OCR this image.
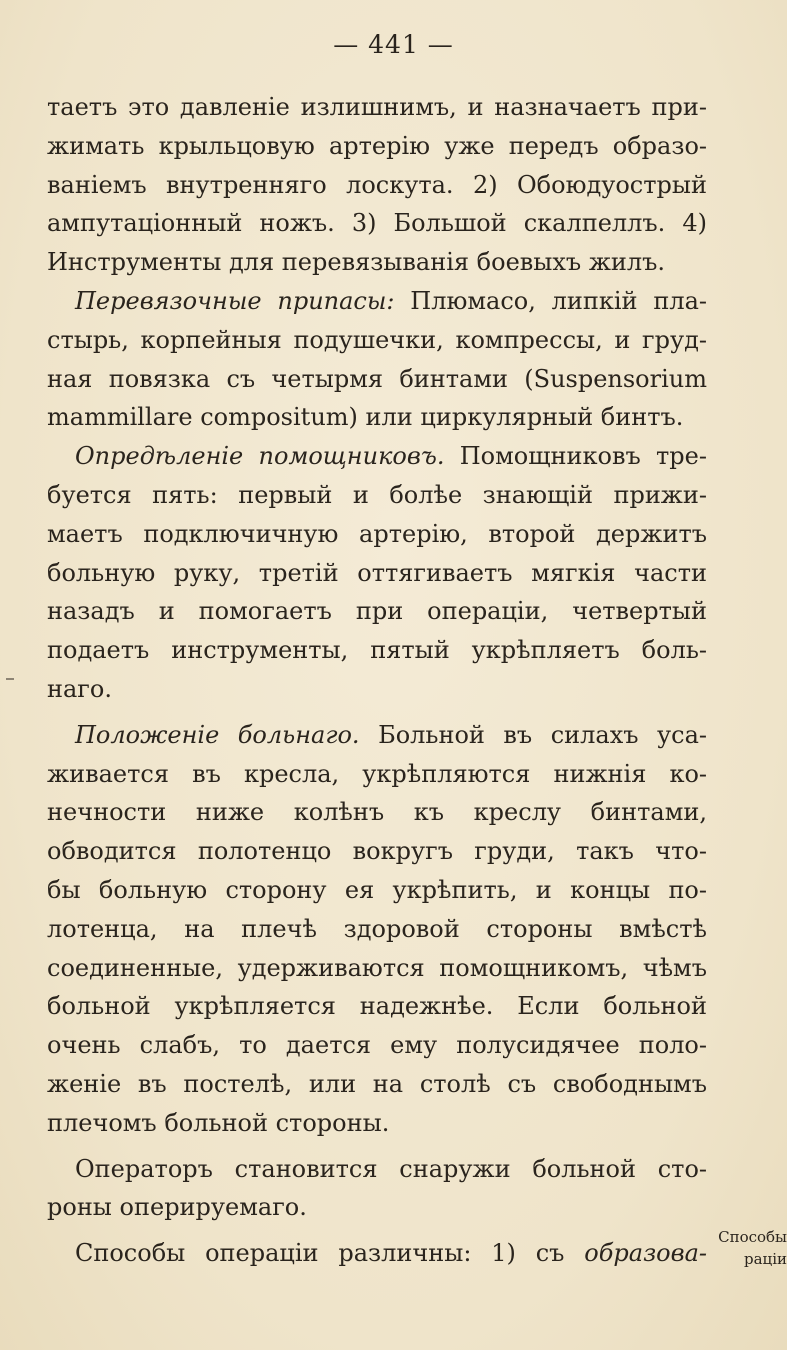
— 441 —
таетъ это давленіе излишнимъ, и назначаетъ при-
жимать крыльцовую артерію уже передъ образо-
ваніемъ внутренняго лоскута. 2) Обоюдуострый
ампутаціонный ножъ. 3) Большой скалпеллъ. 4)
Инструменты для перевязыванія боевыхъ жилъ.
Перевязочные припасы: Плюмасо, липкій пла-
стырь, корпейныя подушечки, компрессы, и груд-
ная повязка съ четырмя бинтами (Suspensorium
mammillare compositum) или циркулярный бинтъ.
Опредѣленіе помощниковъ. Помощниковъ тре-
буется пять: первый и болѣе знающій прижи-
маетъ подключичную артерію, второй держитъ
больную руку, третій оттягиваетъ мягкія части
назадъ и помогаетъ при операціи, четвертый
подаетъ инструменты, пятый укрѣпляетъ боль-
наго.
Положеніе больнаго. Больной въ силахъ уса-
живается въ кресла, укрѣпляются нижнія ко-
нечности ниже колѣнъ къ креслу бинтами,
обводится полотенцо вокругъ груди, такъ что-
бы больную сторону ея укрѣпить, и концы по-
лотенца, на плечѣ здоровой стороны вмѣстѣ
соединенные, удерживаются помощникомъ, чѣмъ
больной укрѣпляется надежнѣе. Если больной
очень слабъ, то дается ему полусидячее поло-
женіе въ постелѣ, или на столѣ съ свободнымъ
плечомъ больной стороны.
Операторъ становится снаружи больной сто-
роны оперируемаго.
Способы операціи различны: 1) съ образова-
Способы
раціи
